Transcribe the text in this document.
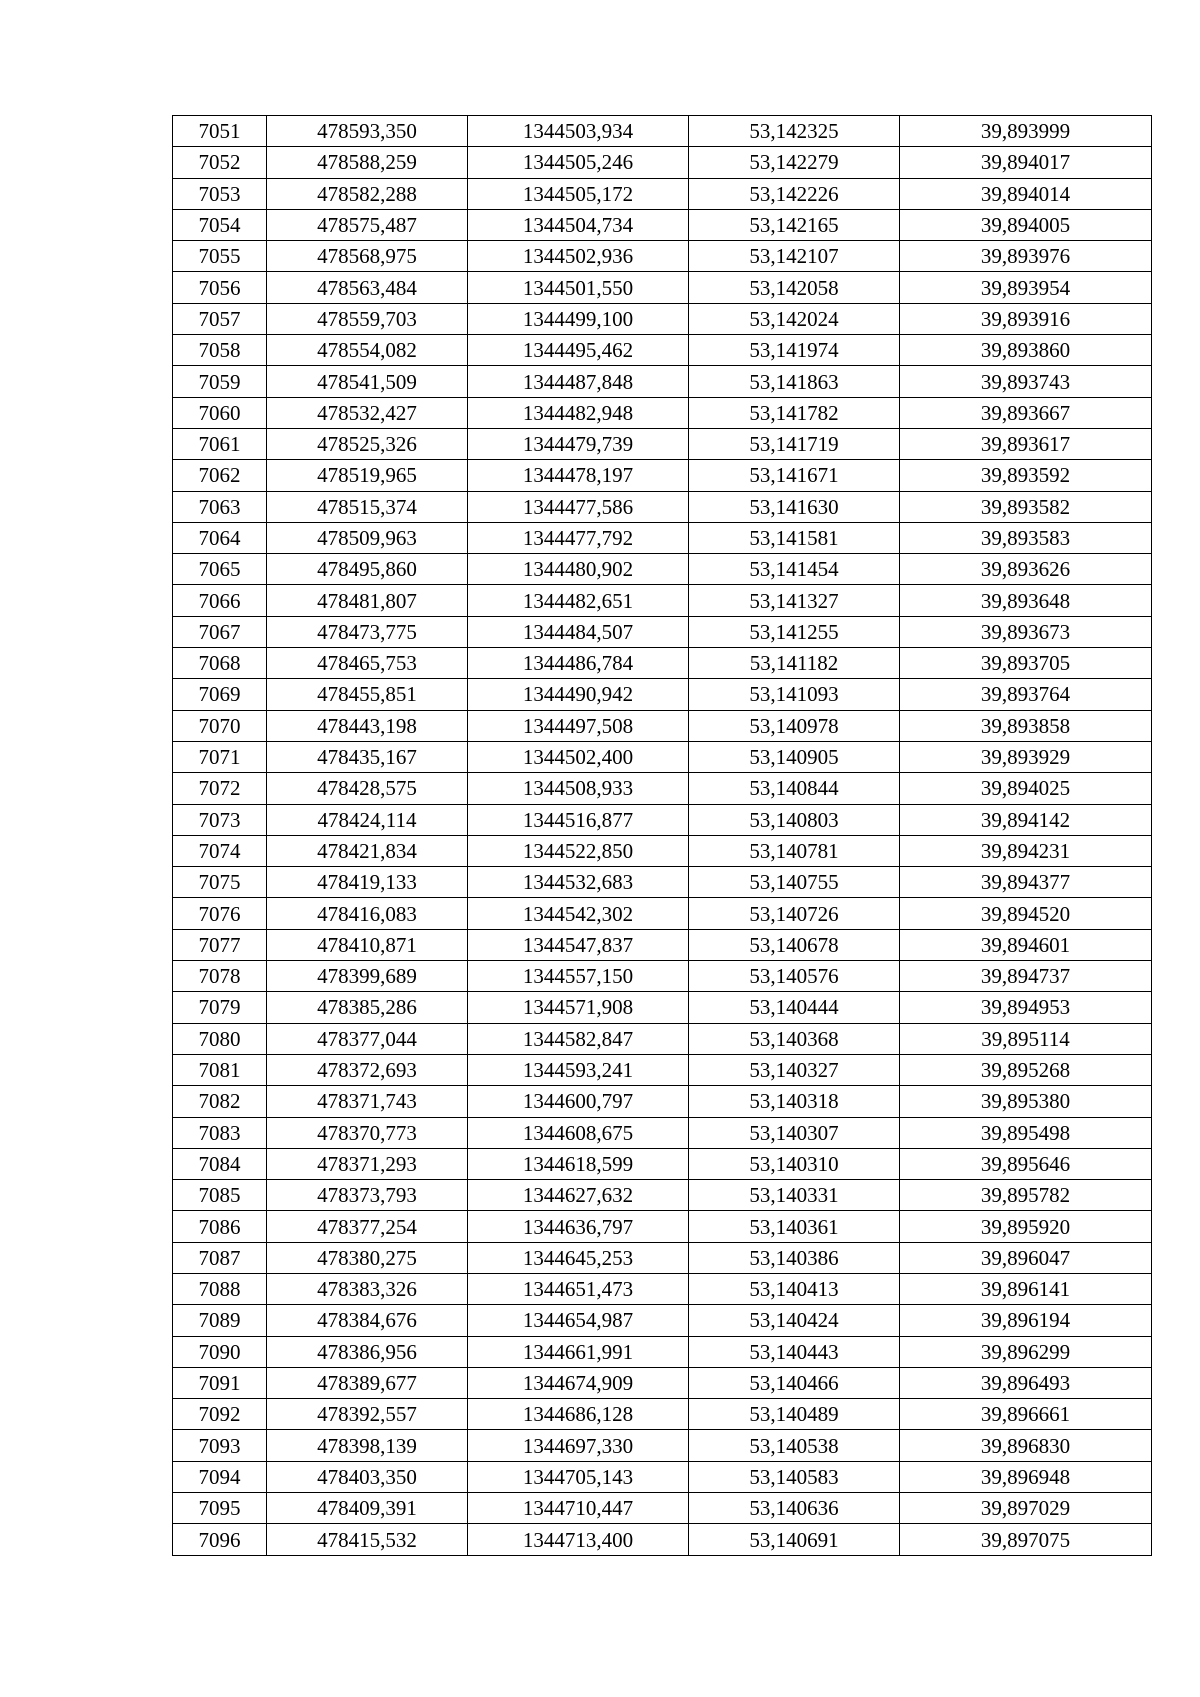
7051	478593,350	1344503,934	53,142325	39,893999
7052	478588,259	1344505,246	53,142279	39,894017
7053	478582,288	1344505,172	53,142226	39,894014
7054	478575,487	1344504,734	53,142165	39,894005
7055	478568,975	1344502,936	53,142107	39,893976
7056	478563,484	1344501,550	53,142058	39,893954
7057	478559,703	1344499,100	53,142024	39,893916
7058	478554,082	1344495,462	53,141974	39,893860
7059	478541,509	1344487,848	53,141863	39,893743
7060	478532,427	1344482,948	53,141782	39,893667
7061	478525,326	1344479,739	53,141719	39,893617
7062	478519,965	1344478,197	53,141671	39,893592
7063	478515,374	1344477,586	53,141630	39,893582
7064	478509,963	1344477,792	53,141581	39,893583
7065	478495,860	1344480,902	53,141454	39,893626
7066	478481,807	1344482,651	53,141327	39,893648
7067	478473,775	1344484,507	53,141255	39,893673
7068	478465,753	1344486,784	53,141182	39,893705
7069	478455,851	1344490,942	53,141093	39,893764
7070	478443,198	1344497,508	53,140978	39,893858
7071	478435,167	1344502,400	53,140905	39,893929
7072	478428,575	1344508,933	53,140844	39,894025
7073	478424,114	1344516,877	53,140803	39,894142
7074	478421,834	1344522,850	53,140781	39,894231
7075	478419,133	1344532,683	53,140755	39,894377
7076	478416,083	1344542,302	53,140726	39,894520
7077	478410,871	1344547,837	53,140678	39,894601
7078	478399,689	1344557,150	53,140576	39,894737
7079	478385,286	1344571,908	53,140444	39,894953
7080	478377,044	1344582,847	53,140368	39,895114
7081	478372,693	1344593,241	53,140327	39,895268
7082	478371,743	1344600,797	53,140318	39,895380
7083	478370,773	1344608,675	53,140307	39,895498
7084	478371,293	1344618,599	53,140310	39,895646
7085	478373,793	1344627,632	53,140331	39,895782
7086	478377,254	1344636,797	53,140361	39,895920
7087	478380,275	1344645,253	53,140386	39,896047
7088	478383,326	1344651,473	53,140413	39,896141
7089	478384,676	1344654,987	53,140424	39,896194
7090	478386,956	1344661,991	53,140443	39,896299
7091	478389,677	1344674,909	53,140466	39,896493
7092	478392,557	1344686,128	53,140489	39,896661
7093	478398,139	1344697,330	53,140538	39,896830
7094	478403,350	1344705,143	53,140583	39,896948
7095	478409,391	1344710,447	53,140636	39,897029
7096	478415,532	1344713,400	53,140691	39,897075
